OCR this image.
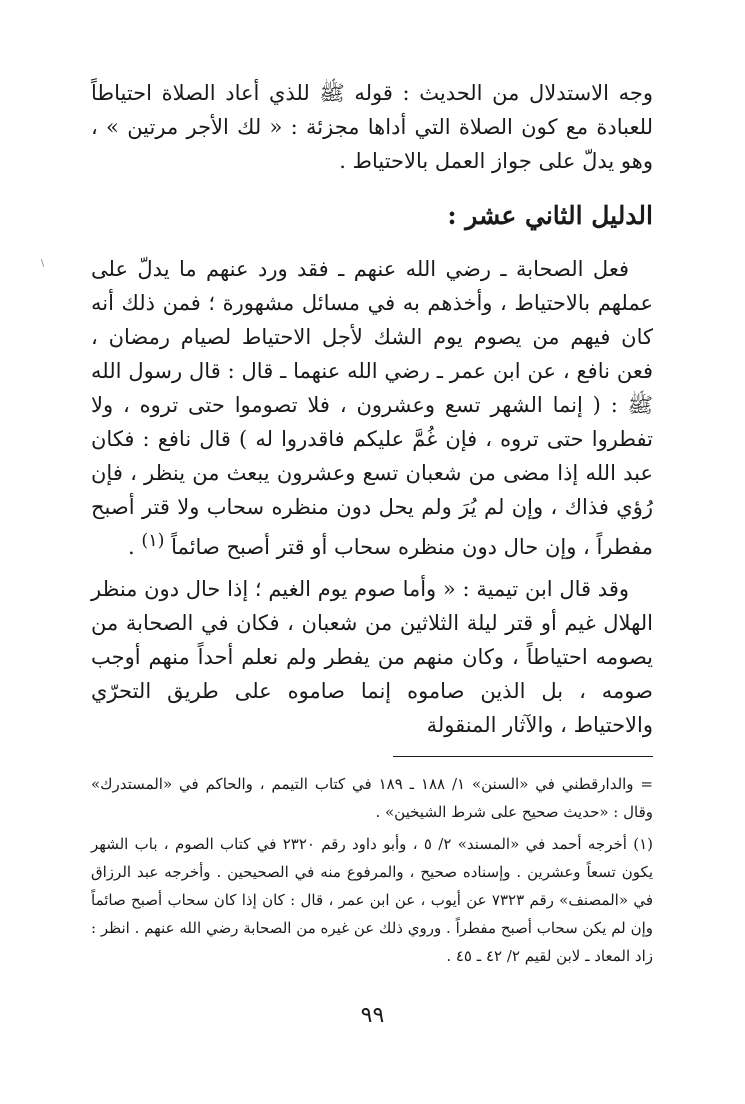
وجه الاستدلال من الحديث : قوله ﷺ للذي أعاد الصلاة احتياطاً للعبادة مع كون الصلاة التي أداها مجزئة : « لك الأجر مرتين » ، وهو يدلّ على جواز العمل بالاحتياط .

الدليل الثاني عشر :

فعل الصحابة ـ رضي الله عنهم ـ فقد ورد عنهم ما يدلّ على عملهم بالاحتياط ، وأخذهم به في مسائل مشهورة ؛ فمن ذلك أنه كان فيهم من يصوم يوم الشك لأجل الاحتياط لصيام رمضان ، فعن نافع ، عن ابن عمر ـ رضي الله عنهما ـ قال : قال رسول الله ﷺ : ( إنما الشهر تسع وعشرون ، فلا تصوموا حتى تروه ، ولا تفطروا حتى تروه ، فإن غُمَّ عليكم فاقدروا له ) قال نافع : فكان عبد الله إذا مضى من شعبان تسع وعشرون يبعث من ينظر ، فإن رُؤي فذاك ، وإن لم يُرَ ولم يحل دون منظره سحاب ولا قتر أصبح مفطراً ، وإن حال دون منظره سحاب أو قتر أصبح صائماً $^{(١)}$ .

وقد قال ابن تيمية : « وأما صوم يوم الغيم ؛ إذا حال دون منظر الهلال غيم أو قتر ليلة الثلاثين من شعبان ، فكان في الصحابة من يصومه احتياطاً ، وكان منهم من يفطر ولم نعلم أحداً منهم أوجب صومه ، بل الذين صاموه إنما صاموه على طريق التحرّي والاحتياط ، والآثار المنقولة

= والدارقطني في «السنن» ١/ ١٨٨ ـ ١٨٩ في كتاب التيمم ، والحاكم في «المستدرك» وقال : «حديث صحيح على شرط الشيخين» .

(١) أخرجه أحمد في «المسند» ٢/ ٥ ، وأبو داود رقم ٢٣٢٠ في كتاب الصوم ، باب الشهر يكون تسعاً وعشرين . وإسناده صحيح ، والمرفوع منه في الصحيحين . وأخرجه عبد الرزاق في «المصنف» رقم ٧٣٢٣ عن أيوب ، عن ابن عمر ، قال : كان إذا كان سحاب أصبح صائماً وإن لم يكن سحاب أصبح مفطراً . وروي ذلك عن غيره من الصحابة رضي الله عنهم . انظر : زاد المعاد ـ لابن لقيم ٢/ ٤٢ ـ ٤٥ .

٩٩
\
